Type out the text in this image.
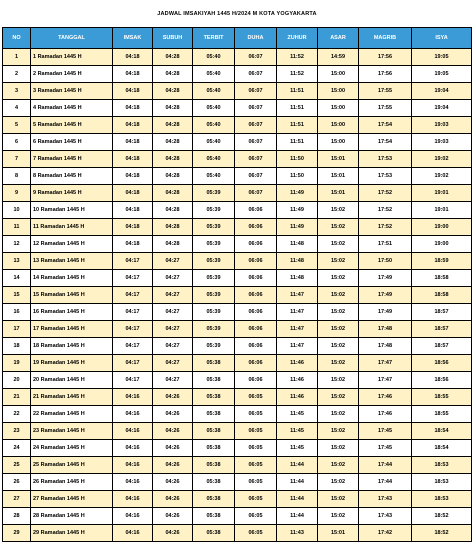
JADWAL IMSAKIYAH 1445 H/2024 M KOTA YOGYAKARTA
NO	TANGGAL	IMSAK	SUBUH	TERBIT	DUHA	ZUHUR	ASAR	MAGRIB	ISYA
1	1 Ramadan 1445 H	04:18	04:28	05:40	06:07	11:52	14:59	17:56	19:05
2	2 Ramadan 1445 H	04:18	04:28	05:40	06:07	11:52	15:00	17:56	19:05
3	3 Ramadan 1445 H	04:18	04:28	05:40	06:07	11:51	15:00	17:55	19:04
4	4 Ramadan 1445 H	04:18	04:28	05:40	06:07	11:51	15:00	17:55	19:04
5	5 Ramadan 1445 H	04:18	04:28	05:40	06:07	11:51	15:00	17:54	19:03
6	6 Ramadan 1445 H	04:18	04:28	05:40	06:07	11:51	15:00	17:54	19:03
7	7 Ramadan 1445 H	04:18	04:28	05:40	06:07	11:50	15:01	17:53	19:02
8	8 Ramadan 1445 H	04:18	04:28	05:40	06:07	11:50	15:01	17:53	19:02
9	9 Ramadan 1445 H	04:18	04:28	05:39	06:07	11:49	15:01	17:52	19:01
10	10 Ramadan 1445 H	04:18	04:28	05:39	06:06	11:49	15:02	17:52	19:01
11	11 Ramadan 1445 H	04:18	04:28	05:39	06:06	11:49	15:02	17:52	19:00
12	12 Ramadan 1445 H	04:18	04:28	05:39	06:06	11:48	15:02	17:51	19:00
13	13 Ramadan 1445 H	04:17	04:27	05:39	06:06	11:48	15:02	17:50	18:59
14	14 Ramadan 1445 H	04:17	04:27	05:39	06:06	11:48	15:02	17:49	18:58
15	15 Ramadan 1445 H	04:17	04:27	05:39	06:06	11:47	15:02	17:49	18:58
16	16 Ramadan 1445 H	04:17	04:27	05:39	06:06	11:47	15:02	17:49	18:57
17	17 Ramadan 1445 H	04:17	04:27	05:39	06:06	11:47	15:02	17:48	18:57
18	18 Ramadan 1445 H	04:17	04:27	05:39	06:06	11:47	15:02	17:48	18:57
19	19 Ramadan 1445 H	04:17	04:27	05:38	06:06	11:46	15:02	17:47	18:56
20	20 Ramadan 1445 H	04:17	04:27	05:38	06:06	11:46	15:02	17:47	18:56
21	21 Ramadan 1445 H	04:16	04:26	05:38	06:05	11:46	15:02	17:46	18:55
22	22 Ramadan 1445 H	04:16	04:26	05:38	06:05	11:45	15:02	17:46	18:55
23	23 Ramadan 1445 H	04:16	04:26	05:38	06:05	11:45	15:02	17:45	18:54
24	24 Ramadan 1445 H	04:16	04:26	05:38	06:05	11:45	15:02	17:45	18:54
25	25 Ramadan 1445 H	04:16	04:26	05:38	06:05	11:44	15:02	17:44	18:53
26	26 Ramadan 1445 H	04:16	04:26	05:38	06:05	11:44	15:02	17:44	18:53
27	27 Ramadan 1445 H	04:16	04:26	05:38	06:05	11:44	15:02	17:43	18:53
28	28 Ramadan 1445 H	04:16	04:26	05:38	06:05	11:44	15:02	17:43	18:52
29	29 Ramadan 1445 H	04:16	04:26	05:38	06:05	11:43	15:01	17:42	18:52
